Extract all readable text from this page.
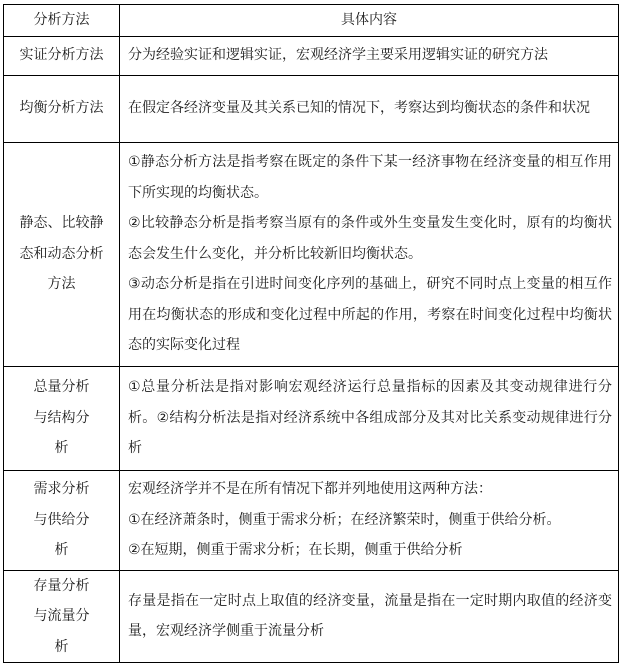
分析方法	具体内容
实证分析方法	分为经验实证和逻辑实证，宏观经济学主要采用逻辑实证的研究方法

均衡分析方法	在假定各经济变量及其关系已知的情况下，考察达到均衡状态的条件和状况

静态、比较静态和动态分析方法	①静态分析方法是指考察在既定的条件下某一经济事物在经济变量的相互作用下所实现的均衡状态。
②比较静态分析是指考察当原有的条件或外生变量发生变化时，原有的均衡状态会发生什么变化，并分析比较新旧均衡状态。
③动态分析是指在引进时间变化序列的基础上，研究不同时点上变量的相互作用在均衡状态的形成和变化过程中所起的作用，考察在时间变化过程中均衡状态的实际变化过程

总量分析与结构分析	①总量分析法是指对影响宏观经济运行总量指标的因素及其变动规律进行分析。②结构分析法是指对经济系统中各组成部分及其对比关系变动规律进行分析

需求分析与供给分析	宏观经济学并不是在所有情况下都并列地使用这两种方法：
①在经济萧条时，侧重于需求分析；在经济繁荣时，侧重于供给分析。
②在短期，侧重于需求分析；在长期，侧重于供给分析

存量分析与流量分析	存量是指在一定时点上取值的经济变量，流量是指在一定时期内取值的经济变量，宏观经济学侧重于流量分析
